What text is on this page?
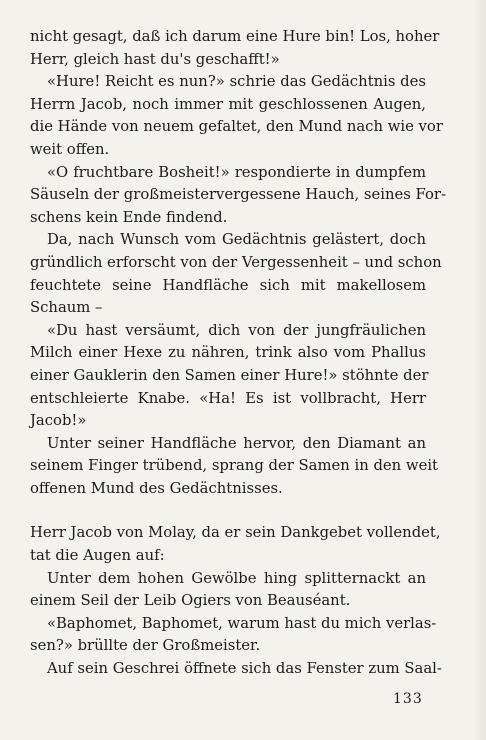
nicht gesagt, daß ich darum eine Hure bin! Los, hoher
Herr, gleich hast du's geschafft!»
«Hure! Reicht es nun?» schrie das Gedächtnis des
Herrn Jacob, noch immer mit geschlossenen Augen,
die Hände von neuem gefaltet, den Mund nach wie vor
weit offen.
«O fruchtbare Bosheit!» respondierte in dumpfem
Säuseln der großmeistervergessene Hauch, seines For-
schens kein Ende findend.
Da, nach Wunsch vom Gedächtnis gelästert, doch
gründlich erforscht von der Vergessenheit – und schon
feuchtete seine Handfläche sich mit makellosem
Schaum –
«Du hast versäumt, dich von der jungfräulichen
Milch einer Hexe zu nähren, trink also vom Phallus
einer Gauklerin den Samen einer Hure!» stöhnte der
entschleierte Knabe. «Ha! Es ist vollbracht, Herr
Jacob!»
Unter seiner Handfläche hervor, den Diamant an
seinem Finger trübend, sprang der Samen in den weit
offenen Mund des Gedächtnisses.
Herr Jacob von Molay, da er sein Dankgebet vollendet,
tat die Augen auf:
Unter dem hohen Gewölbe hing splitternackt an
einem Seil der Leib Ogiers von Beauséant.
«Baphomet, Baphomet, warum hast du mich verlas-
sen?» brüllte der Großmeister.
Auf sein Geschrei öffnete sich das Fenster zum Saal-
133
